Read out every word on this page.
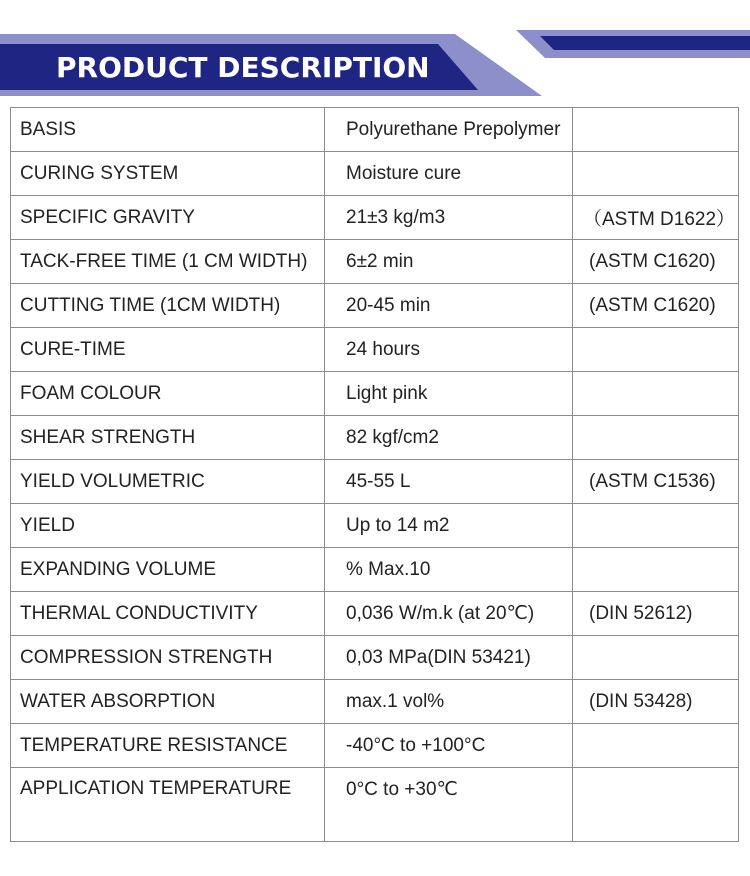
PRODUCT DESCRIPTION
BASIS	Polyurethane Prepolymer	
CURING SYSTEM	Moisture cure	
SPECIFIC GRAVITY	21±3 kg/m3	（ASTM D1622）
TACK-FREE TIME (1 CM WIDTH)	6±2 min	(ASTM C1620)
CUTTING TIME (1CM WIDTH)	20-45 min	(ASTM C1620)
CURE-TIME	24 hours	
FOAM COLOUR	Light pink	
SHEAR STRENGTH	82 kgf/cm2	
YIELD VOLUMETRIC	45-55 L	(ASTM C1536)
YIELD	Up to 14 m2	
EXPANDING VOLUME	% Max.10	
THERMAL CONDUCTIVITY	0,036 W/m.k (at 20℃)	(DIN 52612)
COMPRESSION STRENGTH	0,03 MPa(DIN 53421)	
WATER ABSORPTION	max.1 vol%	(DIN 53428)
TEMPERATURE RESISTANCE	-40°C to +100°C	
APPLICATION TEMPERATURE	0°C to +30℃	
